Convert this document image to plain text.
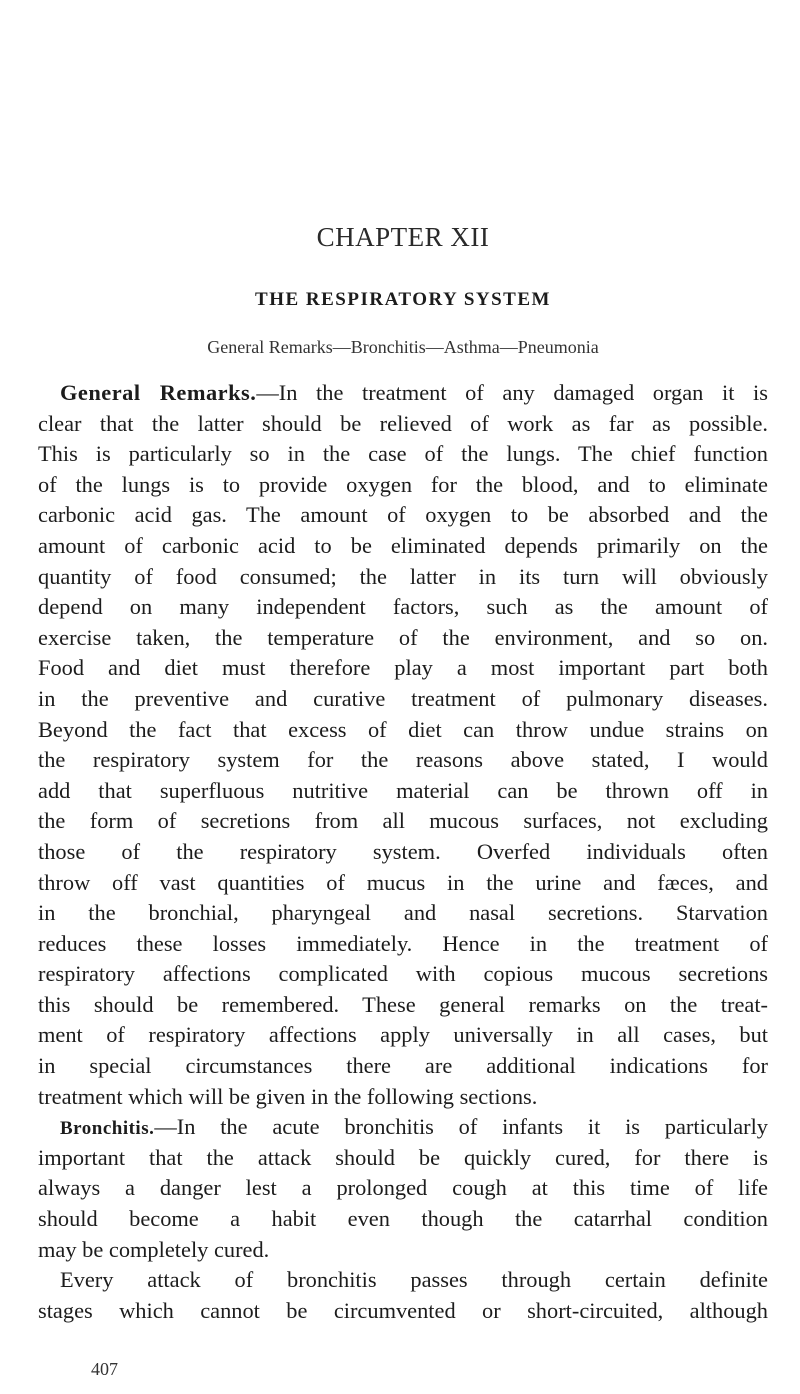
CHAPTER XII
THE RESPIRATORY SYSTEM
General Remarks—Bronchitis—Asthma—Pneumonia
General Remarks.—In the treatment of any damaged organ it is
clear that the latter should be relieved of work as far as possible.
This is particularly so in the case of the lungs. The chief function
of the lungs is to provide oxygen for the blood, and to eliminate
carbonic acid gas. The amount of oxygen to be absorbed and the
amount of carbonic acid to be eliminated depends primarily on the
quantity of food consumed; the latter in its turn will obviously
depend on many independent factors, such as the amount of
exercise taken, the temperature of the environment, and so on.
Food and diet must therefore play a most important part both
in the preventive and curative treatment of pulmonary diseases.
Beyond the fact that excess of diet can throw undue strains on
the respiratory system for the reasons above stated, I would
add that superfluous nutritive material can be thrown off in
the form of secretions from all mucous surfaces, not excluding
those of the respiratory system. Overfed individuals often
throw off vast quantities of mucus in the urine and fæces, and
in the bronchial, pharyngeal and nasal secretions. Starvation
reduces these losses immediately. Hence in the treatment of
respiratory affections complicated with copious mucous secretions
this should be remembered. These general remarks on the treat-
ment of respiratory affections apply universally in all cases, but
in special circumstances there are additional indications for
treatment which will be given in the following sections.
Bronchitis.—In the acute bronchitis of infants it is particularly
important that the attack should be quickly cured, for there is
always a danger lest a prolonged cough at this time of life
should become a habit even though the catarrhal condition
may be completely cured.
Every attack of bronchitis passes through certain definite
stages which cannot be circumvented or short-circuited, although
407
